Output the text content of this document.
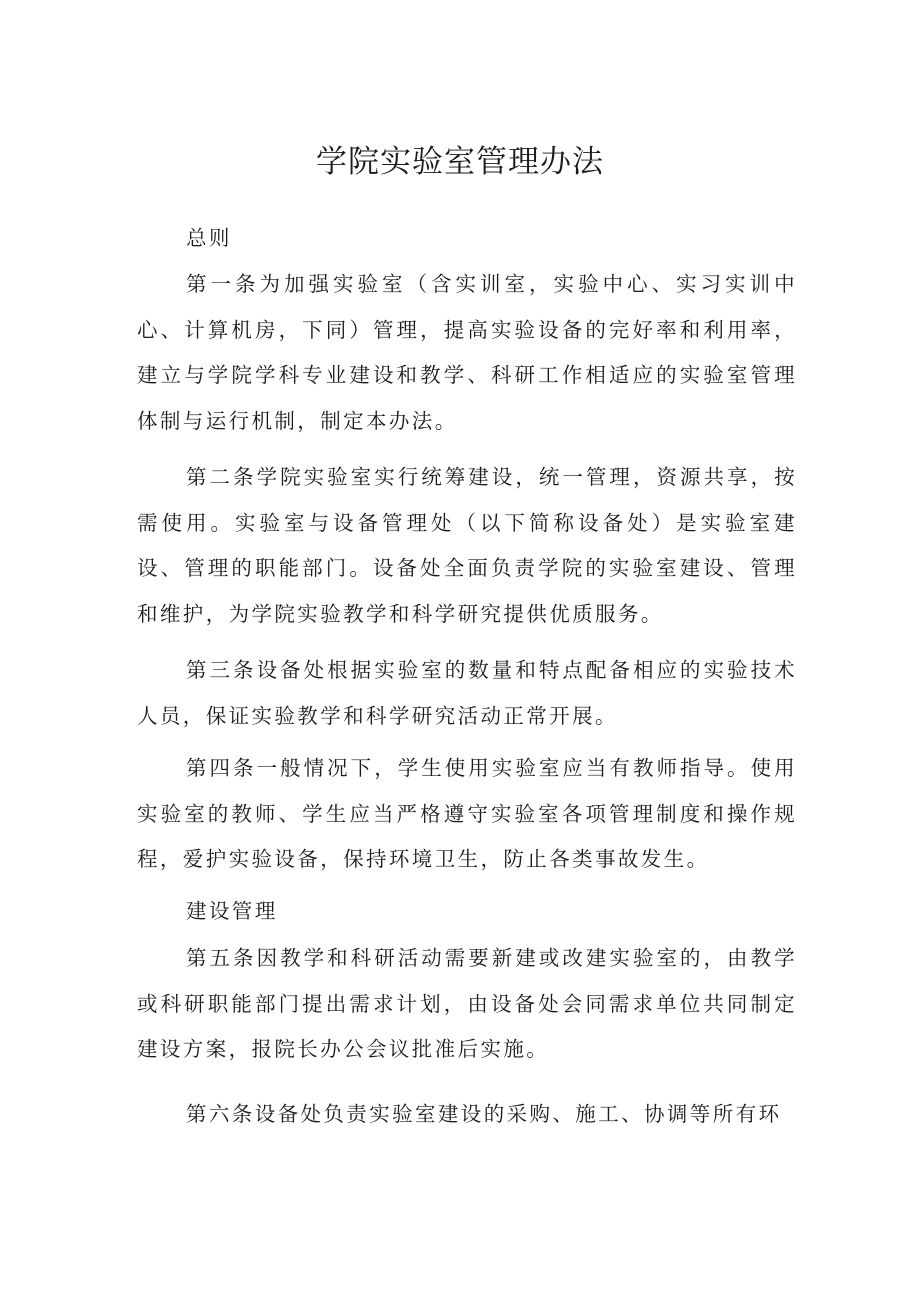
学院实验室管理办法

总则

第一条为加强实验室（含实训室，实验中心、实习实训中心、计算机房，下同）管理，提高实验设备的完好率和利用率，建立与学院学科专业建设和教学、科研工作相适应的实验室管理体制与运行机制，制定本办法。

第二条学院实验室实行统筹建设，统一管理，资源共享，按需使用。实验室与设备管理处（以下简称设备处）是实验室建设、管理的职能部门。设备处全面负责学院的实验室建设、管理和维护，为学院实验教学和科学研究提供优质服务。

第三条设备处根据实验室的数量和特点配备相应的实验技术人员，保证实验教学和科学研究活动正常开展。

第四条一般情况下，学生使用实验室应当有教师指导。使用实验室的教师、学生应当严格遵守实验室各项管理制度和操作规程，爱护实验设备，保持环境卫生，防止各类事故发生。

建设管理

第五条因教学和科研活动需要新建或改建实验室的，由教学或科研职能部门提出需求计划，由设备处会同需求单位共同制定建设方案，报院长办公会议批准后实施。

第六条设备处负责实验室建设的采购、施工、协调等所有环
